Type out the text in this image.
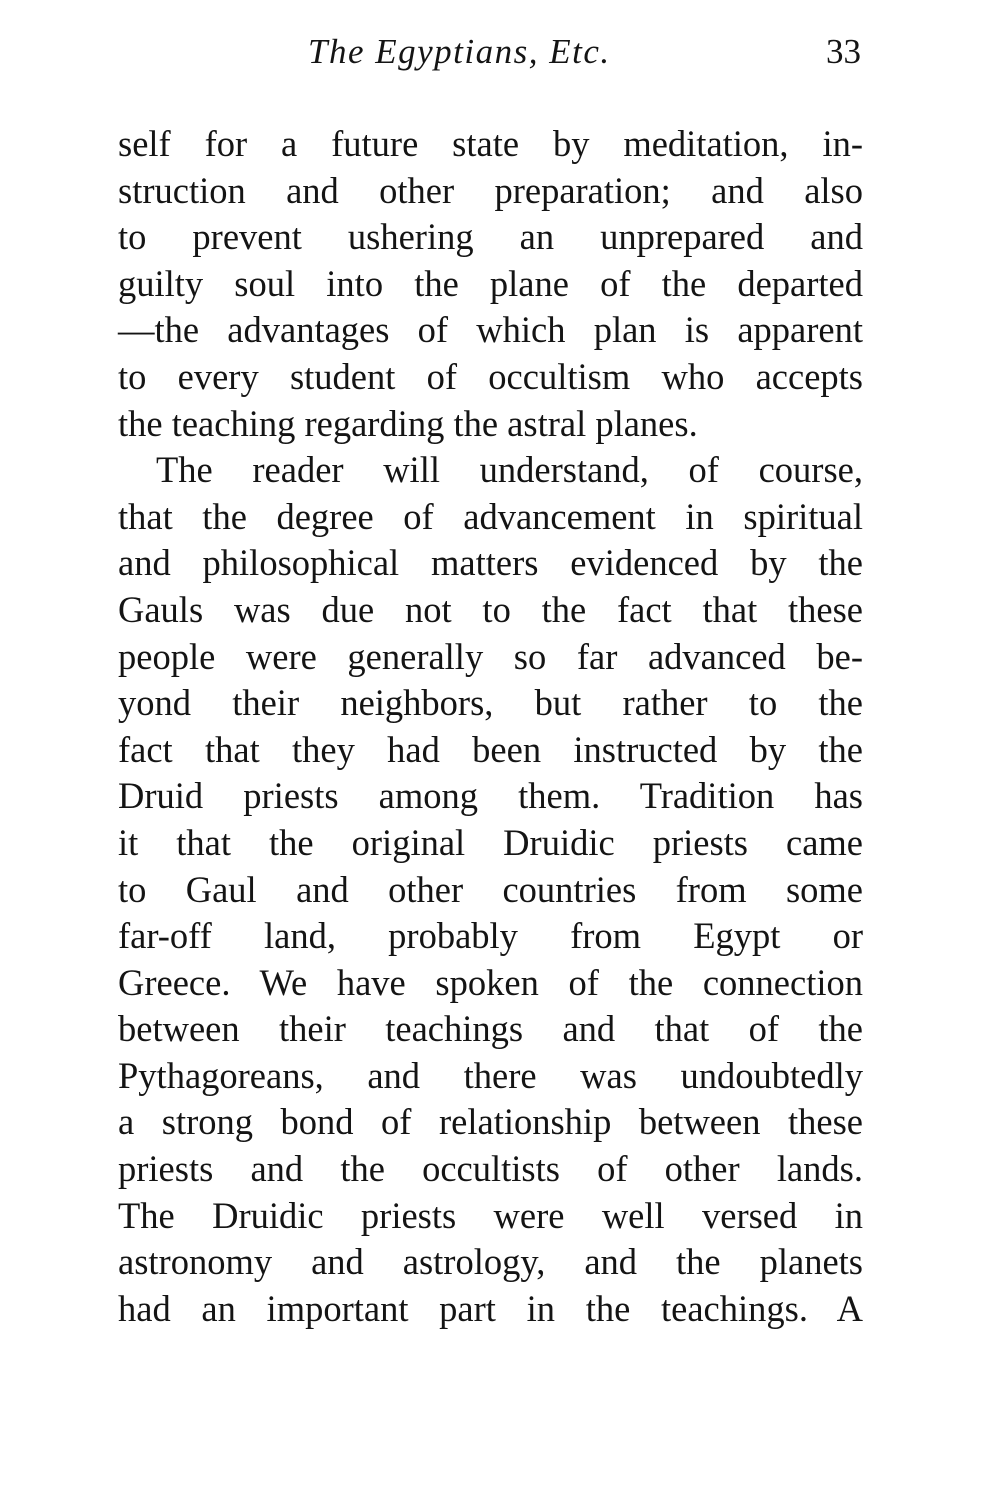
The Egyptians, Etc.	33
self for a future state by meditation, in-
struction and other preparation; and also
to prevent ushering an unprepared and
guilty soul into the plane of the departed
—the advantages of which plan is apparent
to every student of occultism who accepts
the teaching regarding the astral planes.
The reader will understand, of course,
that the degree of advancement in spiritual
and philosophical matters evidenced by the
Gauls was due not to the fact that these
people were generally so far advanced be-
yond their neighbors, but rather to the
fact that they had been instructed by the
Druid priests among them. Tradition has
it that the original Druidic priests came
to Gaul and other countries from some
far-off land, probably from Egypt or
Greece. We have spoken of the connection
between their teachings and that of the
Pythagoreans, and there was undoubtedly
a strong bond of relationship between these
priests and the occultists of other lands.
The Druidic priests were well versed in
astronomy and astrology, and the planets
had an important part in the teachings. A
